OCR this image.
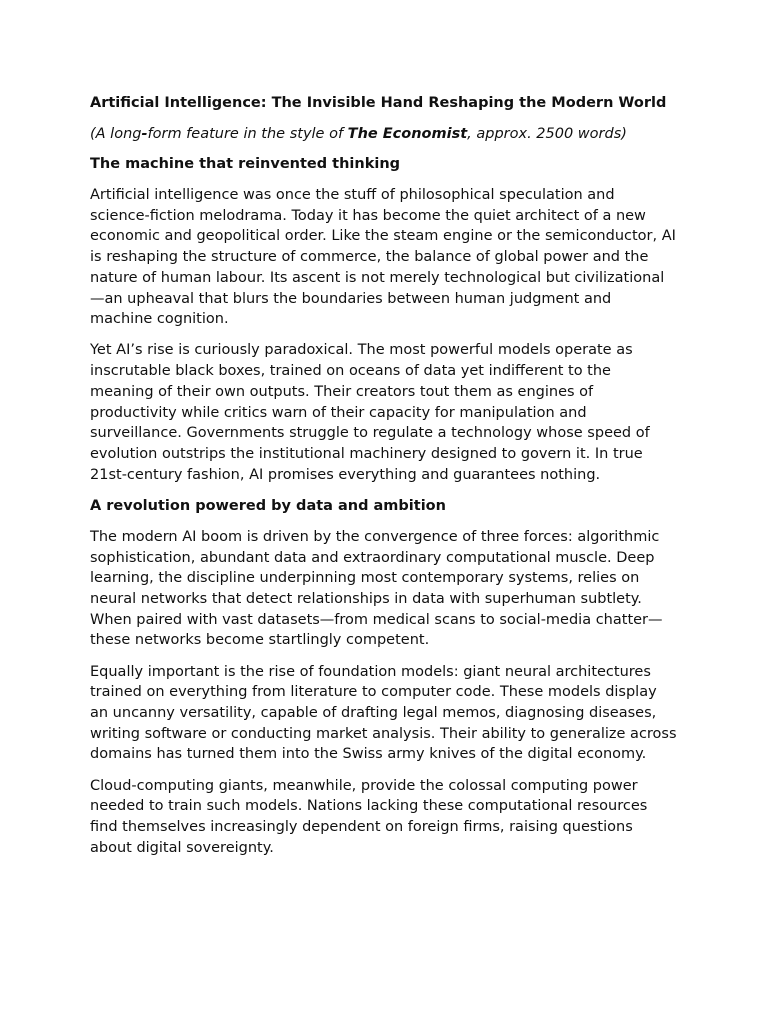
Artificial Intelligence: The Invisible Hand Reshaping the Modern World

(A long-form feature in the style of The Economist, approx. 2500 words)

The machine that reinvented thinking

Artificial intelligence was once the stuff of philosophical speculation and science-fiction melodrama. Today it has become the quiet architect of a new economic and geopolitical order. Like the steam engine or the semiconductor, AI is reshaping the structure of commerce, the balance of global power and the nature of human labour. Its ascent is not merely technological but civilizational—an upheaval that blurs the boundaries between human judgment and machine cognition.

Yet AI’s rise is curiously paradoxical. The most powerful models operate as inscrutable black boxes, trained on oceans of data yet indifferent to the meaning of their own outputs. Their creators tout them as engines of productivity while critics warn of their capacity for manipulation and surveillance. Governments struggle to regulate a technology whose speed of evolution outstrips the institutional machinery designed to govern it. In true 21st-century fashion, AI promises everything and guarantees nothing.

A revolution powered by data and ambition

The modern AI boom is driven by the convergence of three forces: algorithmic sophistication, abundant data and extraordinary computational muscle. Deep learning, the discipline underpinning most contemporary systems, relies on neural networks that detect relationships in data with superhuman subtlety. When paired with vast datasets—from medical scans to social-media chatter—these networks become startlingly competent.

Equally important is the rise of foundation models: giant neural architectures trained on everything from literature to computer code. These models display an uncanny versatility, capable of drafting legal memos, diagnosing diseases, writing software or conducting market analysis. Their ability to generalize across domains has turned them into the Swiss army knives of the digital economy.

Cloud-computing giants, meanwhile, provide the colossal computing power needed to train such models. Nations lacking these computational resources find themselves increasingly dependent on foreign firms, raising questions about digital sovereignty.
